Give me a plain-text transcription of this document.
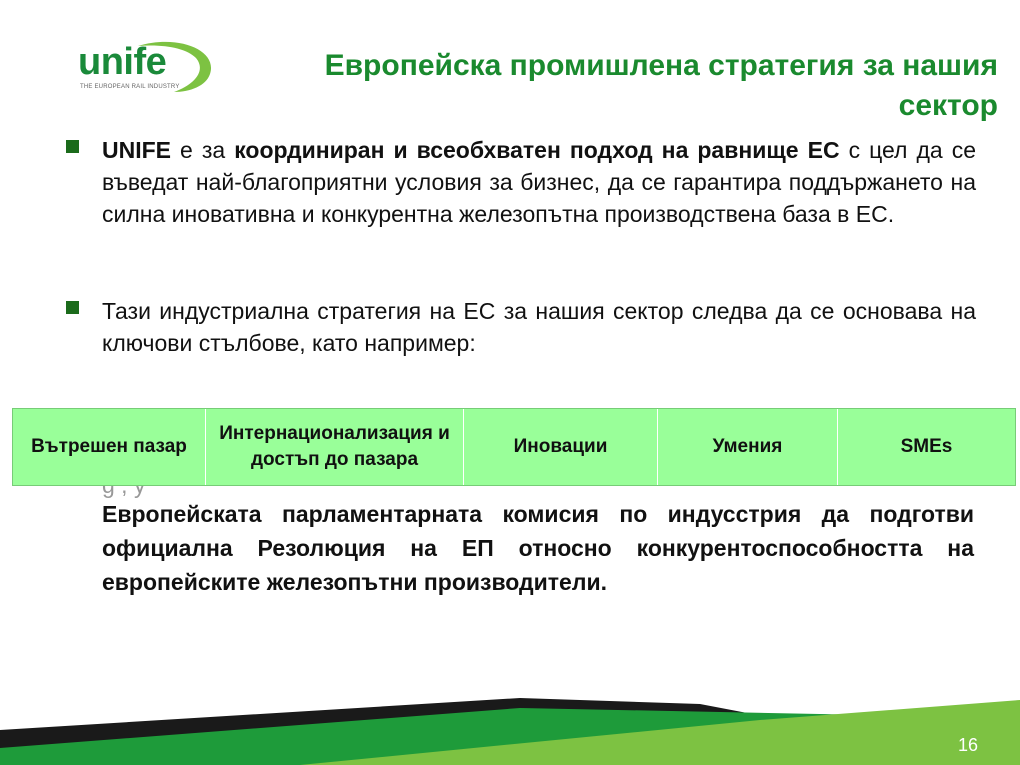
unife
THE EUROPEAN RAIL INDUSTRY
Европейска промишлена стратегия за нашия сектор
UNIFE е за координиран и всеобхватен подход на равнище ЕС с цел да се въведат най-благоприятни условия за бизнес, да се гарантира поддържането на силна иновативна и конкурентна железопътна производствена база в ЕС.
Тази индустриална стратегия на ЕС за нашия сектор следва да се основава на ключови стълбове, като например:
Европейската парламентарната комисия по индусстрия да подготви официална Резолюция на ЕП относно конкурентоспособността на европейските железопътни производители.
Вътрешен пазар
Интернационализация и достъп до пазара
Иновации	Умения	SMEs
16
